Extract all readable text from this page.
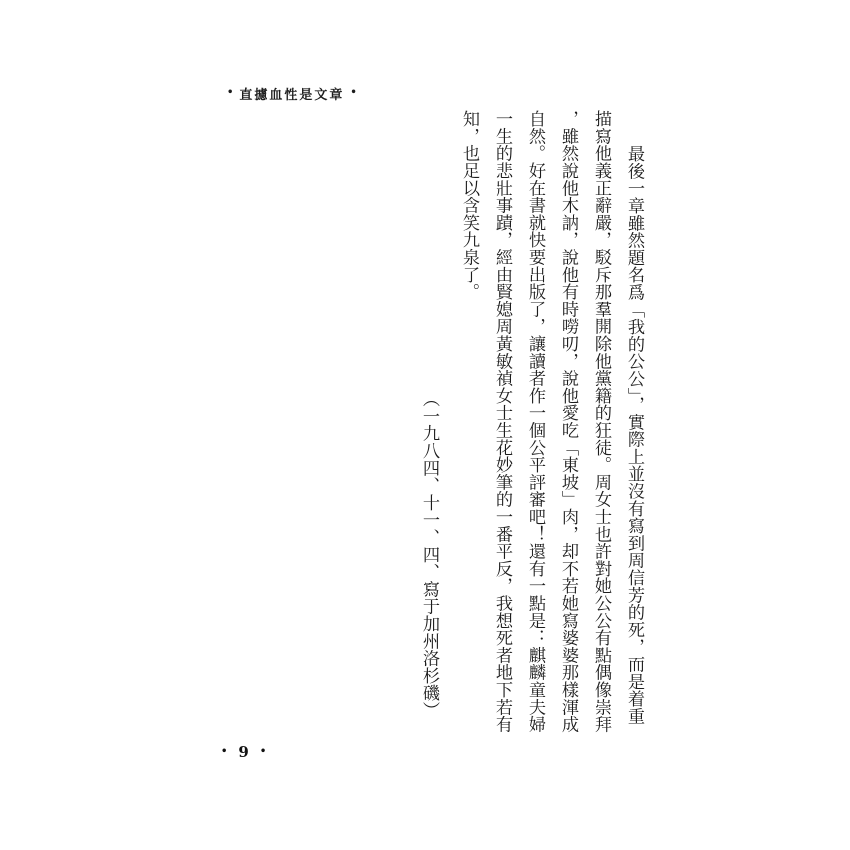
• 直攄血性是文章 •

最後一章雖然題名爲「我的公公」，實際上並沒有寫到周信芳的死，而是着重

描寫他義正辭嚴，駁斥那羣開除他黨籍的狂徒。周女士也許對她公公有點偶像崇拜

，雖然說他木訥，說他有時嘮叨，說他愛吃「東坡」肉，却不若她寫婆婆那樣渾成

自然。好在書就快要出版了，讓讀者作一個公平評審吧！還有一點是：麒麟童夫婦

一生的悲壯事蹟，經由賢媳周黃敏禎女士生花妙筆的一番平反，我想死者地下若有

知，也足以含笑九泉了。

（一九八四、十一、四、寫于加州洛杉磯）

• 9 •
